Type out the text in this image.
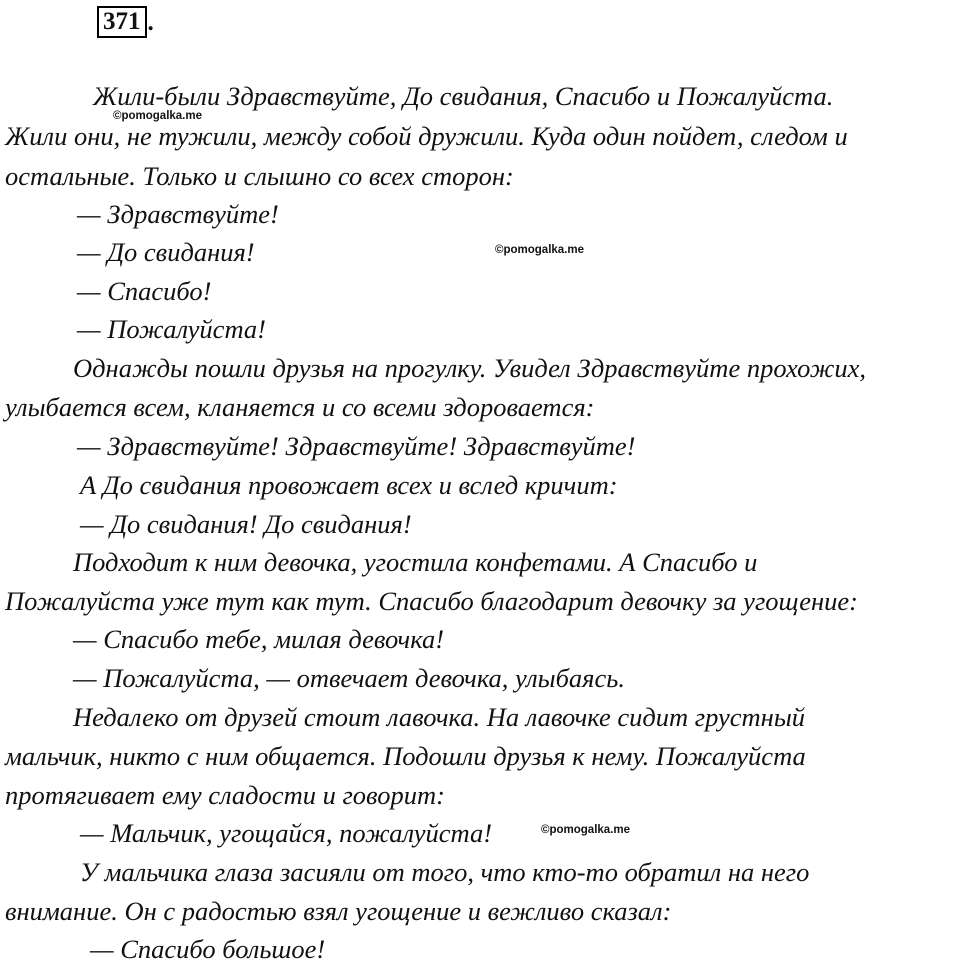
371 .
Жили-были Здравствуйте, До свидания, Спасибо и Пожалуйста.
Жили они, не тужили, между собой дружили. Куда один пойдет, следом и
остальные. Только и слышно со всех сторон:
— Здравствуйте!
— До свидания!
— Спасибо!
— Пожалуйста!
Однажды пошли друзья на прогулку. Увидел Здравствуйте прохожих,
улыбается всем, кланяется и со всеми здоровается:
— Здравствуйте! Здравствуйте! Здравствуйте!
А До свидания провожает всех и вслед кричит:
— До свидания! До свидания!
Подходит к ним девочка, угостила конфетами. А Спасибо и
Пожалуйста уже тут как тут. Спасибо благодарит девочку за угощение:
— Спасибо тебе, милая девочка!
— Пожалуйста, — отвечает девочка, улыбаясь.
Недалеко от друзей стоит лавочка. На лавочке сидит грустный
мальчик, никто с ним общается. Подошли друзья к нему. Пожалуйста
протягивает ему сладости и говорит:
— Мальчик, угощайся, пожалуйста!
У мальчика глаза засияли от того, что кто-то обратил на него
внимание. Он с радостью взял угощение и вежливо сказал:
— Спасибо большое!
©pomogalka.me
©pomogalka.me
©pomogalka.me
